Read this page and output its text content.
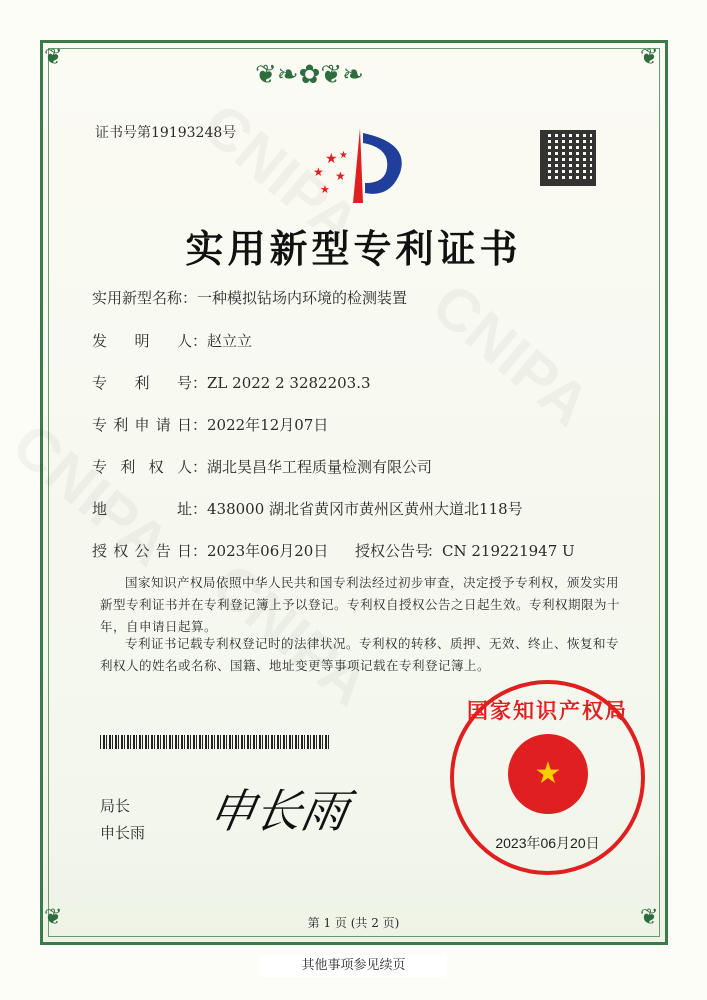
❦❧✿❦❧
❦	❦
❦	❦
证书号第19193248号
★
★ ★
★
★
实用新型专利证书
实用新型名称：一种模拟钻场内环境的检测装置
发明人：赵立立
专利号：ZL 2022 2 3282203.3
专利申请日：2022年12月07日
专利权人：湖北昊昌华工程质量检测有限公司
地址：438000 湖北省黄冈市黄州区黄州大道北118号
授权公告日：2023年06月20日 授权公告号：CN 219221947 U
国家知识产权局依照中华人民共和国专利法经过初步审查，决定授予专利权，颁发实用新型专利证书并在专利登记簿上予以登记。专利权自授权公告之日起生效。专利权期限为十年，自申请日起算。
专利证书记载专利权登记时的法律状况。专利权的转移、质押、无效、终止、恢复和专利权人的姓名或名称、国籍、地址变更等事项记载在专利登记簿上。
局长
申长雨 申长雨
★
国家知识产权局
2023年06月20日
第 1 页 (共 2 页)
其他事项参见续页
